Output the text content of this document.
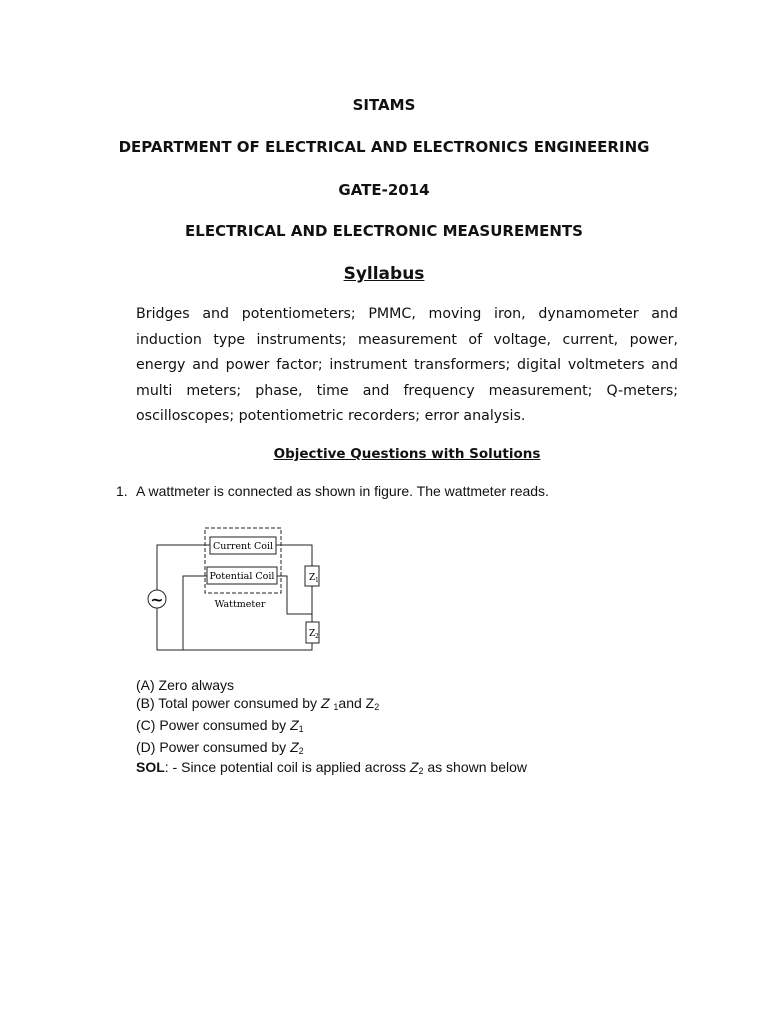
SITAMS
DEPARTMENT OF ELECTRICAL AND ELECTRONICS ENGINEERING
GATE-2014
ELECTRICAL AND ELECTRONIC MEASUREMENTS
Syllabus
Bridges and potentiometers; PMMC, moving iron, dynamometer and
induction type instruments; measurement of voltage, current, power,
energy and power factor; instrument transformers; digital voltmeters and
multi meters; phase, time and frequency measurement; Q-meters;
oscilloscopes; potentiometric recorders; error analysis.
Objective Questions with Solutions
1. A wattmeter is connected as shown in figure. The wattmeter reads.
Current Coil
Potential Coil
Wattmeter
~
Z 1
Z 2
(A) Zero always
(B) Total power consumed by Z $_1$and $Z_2$
(C) Power consumed by $Z_1$
(D) Power consumed by $Z_2$
SOL: - Since potential coil is applied across $Z_2$ as shown below
